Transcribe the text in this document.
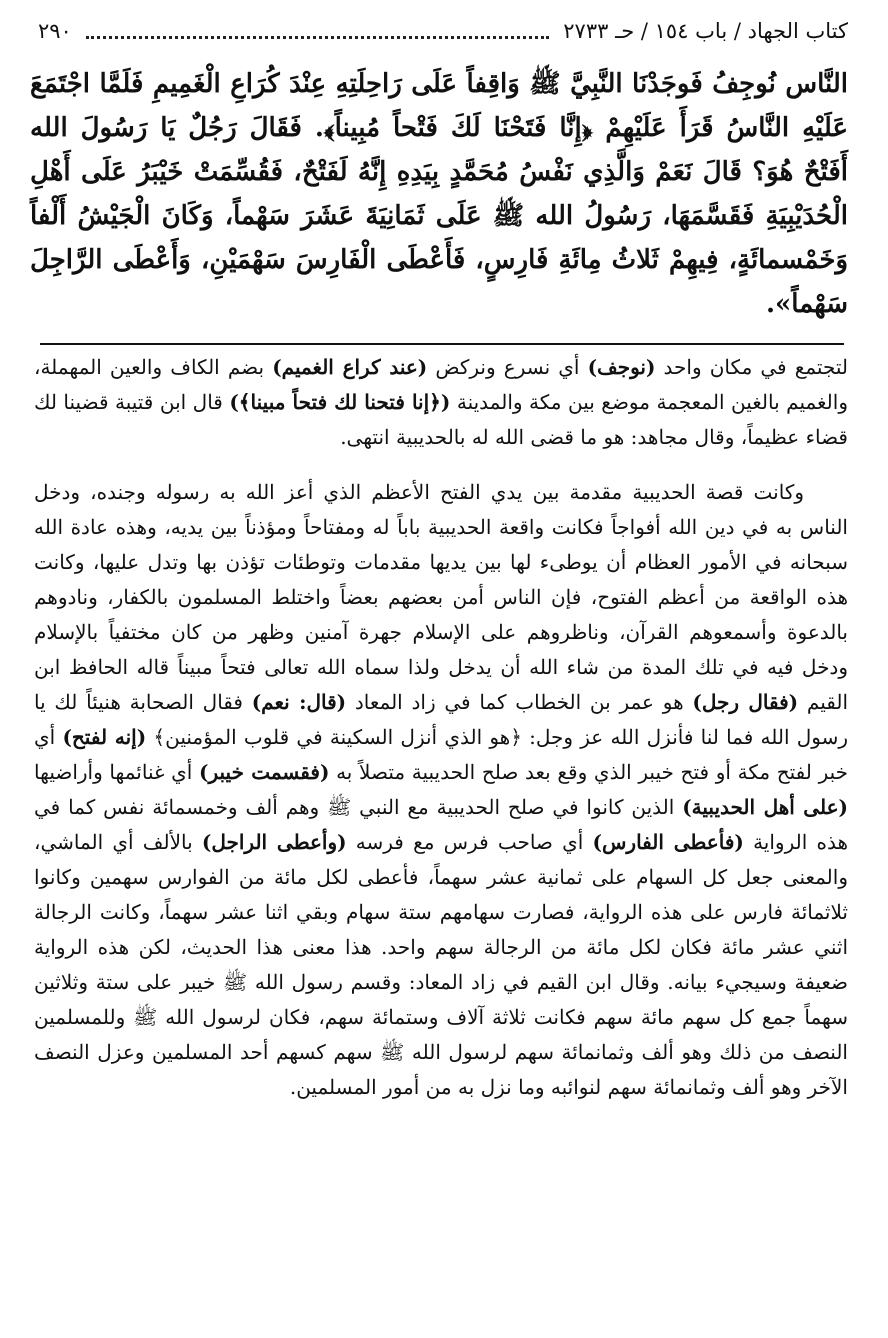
٢٩٠	كتاب الجهاد / باب ١٥٤ / حـ ٢٧٣٣
النَّاس نُوجِفُ فَوجَدْنَا النَّبِيَّ ﷺ وَاقِفاً عَلَى رَاحِلَتِهِ عِنْدَ كُرَاعِ الْغَمِيمِ فَلَمَّا اجْتَمَعَ عَلَيْهِ النَّاسُ قَرَأَ عَلَيْهِمْ ﴿إِنَّا فَتَحْنَا لَكَ فَتْحاً مُبِيناً﴾. فَقَالَ رَجُلٌ يَا رَسُولَ الله أَفَتْحٌ هُوَ؟ قَالَ نَعَمْ وَالَّذِي نَفْسُ مُحَمَّدٍ بِيَدِهِ إِنَّهُ لَفَتْحٌ، فَقُسِّمَتْ خَيْبَرُ عَلَى أَهْلِ الْحُدَيْبِيَةِ فَقَسَّمَهَا، رَسُولُ الله ﷺ عَلَى ثَمَانِيَةَ عَشَرَ سَهْماً، وَكَانَ الْجَيْشُ أَلْفاً وَخَمْسمائَةٍ، فِيهِمْ ثَلاثُ مِائَةِ فَارِسٍ، فَأَعْطَى الْفَارِسَ سَهْمَيْنِ، وَأَعْطَى الرَّاجِلَ سَهْماً».

لتجتمع في مكان واحد (نوجف) أي نسرع ونركض (عند كراع الغميم) بضم الكاف والعين المهملة، والغميم بالغين المعجمة موضع بين مكة والمدينة (﴿إنا فتحنا لك فتحاً مبينا﴾) قال ابن قتيبة قضينا لك قضاء عظيماً، وقال مجاهد: هو ما قضى الله له بالحديبية انتهى.

وكانت قصة الحديبية مقدمة بين يدي الفتح الأعظم الذي أعز الله به رسوله وجنده، ودخل الناس به في دين الله أفواجاً فكانت واقعة الحديبية باباً له ومفتاحاً ومؤذناً بين يديه، وهذه عادة الله سبحانه في الأمور العظام أن يوطىء لها بين يديها مقدمات وتوطئات تؤذن بها وتدل عليها، وكانت هذه الواقعة من أعظم الفتوح، فإن الناس أمن بعضهم بعضاً واختلط المسلمون بالكفار، ونادوهم بالدعوة وأسمعوهم القرآن، وناظروهم على الإسلام جهرة آمنين وظهر من كان مختفياً بالإسلام ودخل فيه في تلك المدة من شاء الله أن يدخل ولذا سماه الله تعالى فتحاً مبيناً قاله الحافظ ابن القيم (فقال رجل) هو عمر بن الخطاب كما في زاد المعاد (قال: نعم) فقال الصحابة هنيئاً لك يا رسول الله فما لنا فأنزل الله عز وجل: ﴿هو الذي أنزل السكينة في قلوب المؤمنين﴾ (إنه لفتح) أي خبر لفتح مكة أو فتح خيبر الذي وقع بعد صلح الحديبية متصلاً به (فقسمت خيبر) أي غنائمها وأراضيها (على أهل الحديبية) الذين كانوا في صلح الحديبية مع النبي ﷺ وهم ألف وخمسمائة نفس كما في هذه الرواية (فأعطى الفارس) أي صاحب فرس مع فرسه (وأعطى الراجل) بالألف أي الماشي، والمعنى جعل كل السهام على ثمانية عشر سهماً، فأعطى لكل مائة من الفوارس سهمين وكانوا ثلاثمائة فارس على هذه الرواية، فصارت سهامهم ستة سهام وبقي اثنا عشر سهماً، وكانت الرجالة اثني عشر مائة فكان لكل مائة من الرجالة سهم واحد. هذا معنى هذا الحديث، لكن هذه الرواية ضعيفة وسيجيء بيانه. وقال ابن القيم في زاد المعاد: وقسم رسول الله ﷺ خيبر على ستة وثلاثين سهماً جمع كل سهم مائة سهم فكانت ثلاثة آلاف وستمائة سهم، فكان لرسول الله ﷺ وللمسلمين النصف من ذلك وهو ألف وثمانمائة سهم لرسول الله ﷺ سهم كسهم أحد المسلمين وعزل النصف الآخر وهو ألف وثمانمائة سهم لنوائبه وما نزل به من أمور المسلمين.
